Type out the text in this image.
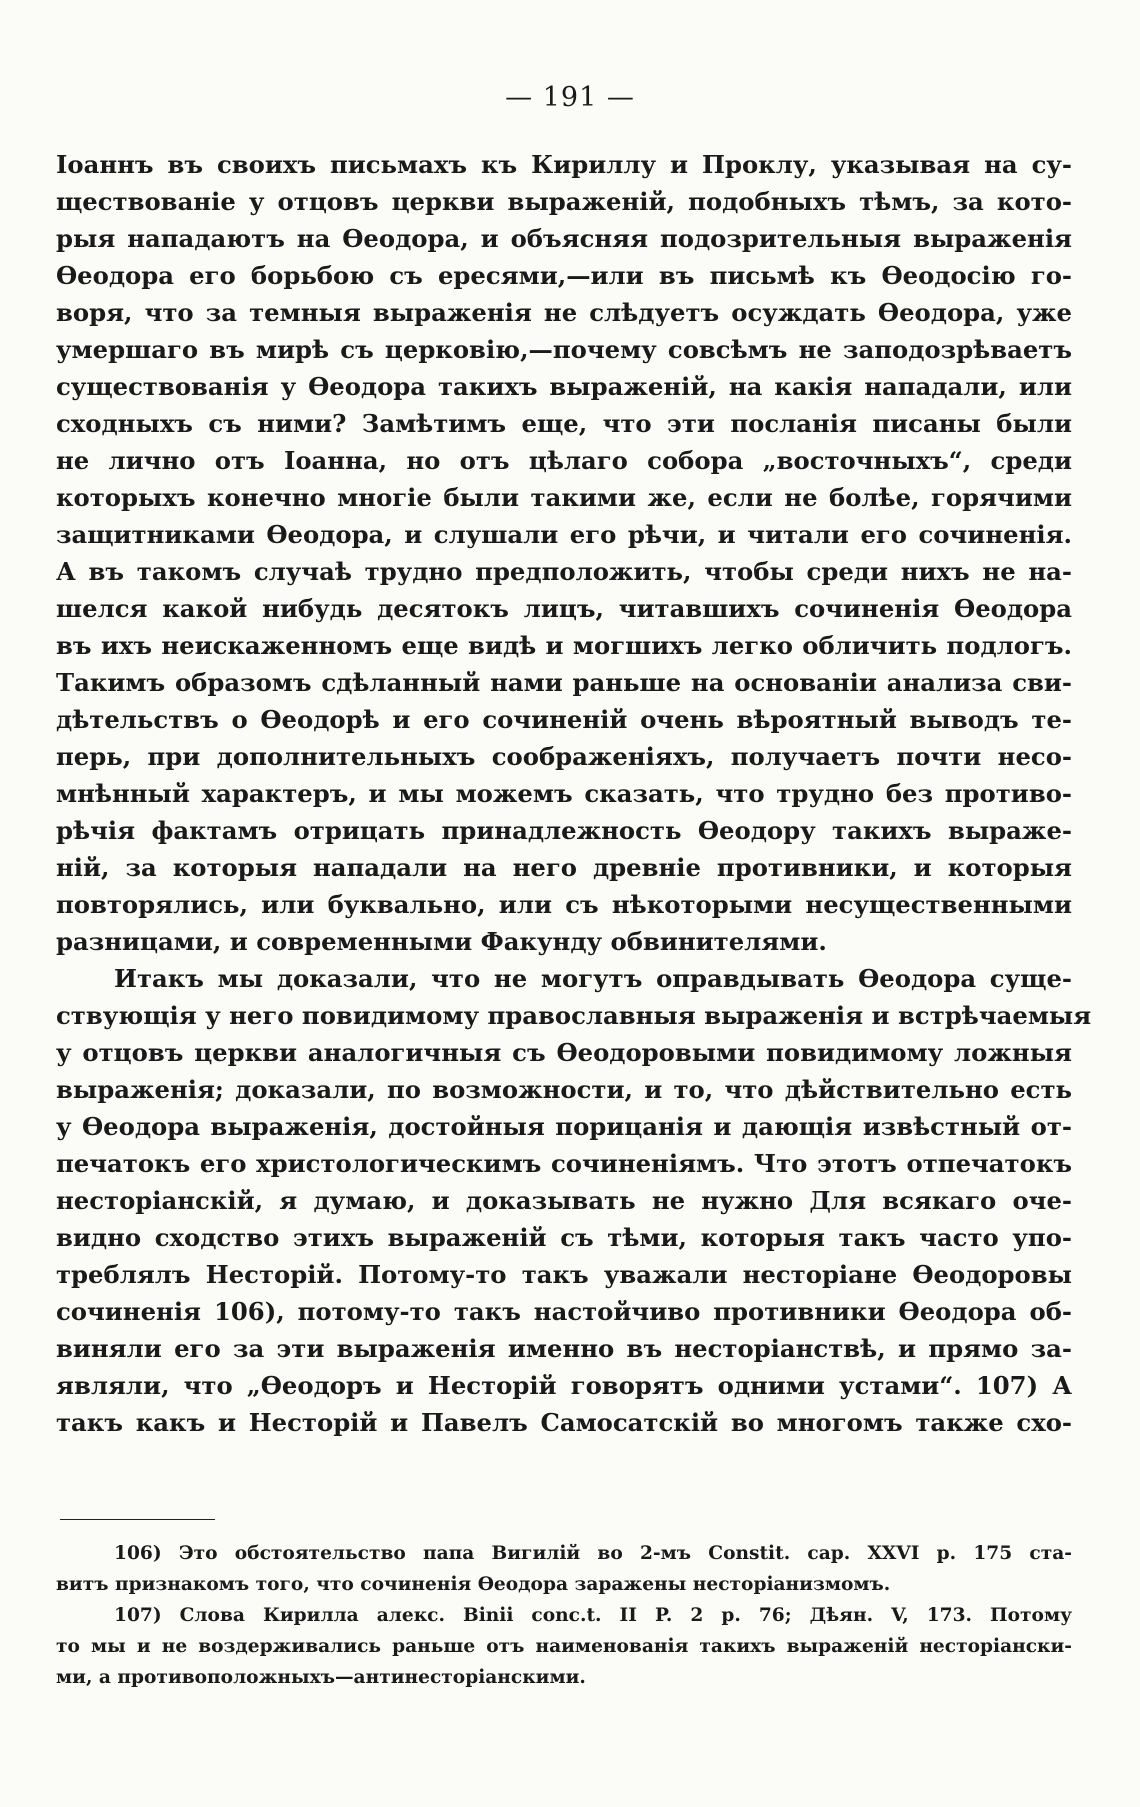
— 191 —
Іоаннъ въ своихъ письмахъ къ Кириллу и Проклу, указывая на су-
ществованіе у отцовъ церкви выраженій, подобныхъ тѣмъ, за кото-
рыя нападаютъ на Өеодора, и объясняя подозрительныя выраженія
Өеодора его борьбою съ ересями,—или въ письмѣ къ Өеодосію го-
воря, что за темныя выраженія не слѣдуетъ осуждать Өеодора, уже
умершаго въ мирѣ съ церковію,—почему совсѣмъ не заподозрѣваетъ
существованія у Өеодора такихъ выраженій, на какія нападали, или
сходныхъ съ ними? Замѣтимъ еще, что эти посланія писаны были
не лично отъ Іоанна, но отъ цѣлаго собора „восточныхъ“, среди
которыхъ конечно многіе были такими же, если не болѣе, горячими
защитниками Өеодора, и слушали его рѣчи, и читали его сочиненія.
А въ такомъ случаѣ трудно предположить, чтобы среди нихъ не на-
шелся какой нибудь десятокъ лицъ, читавшихъ сочиненія Өеодора
въ ихъ неискаженномъ еще видѣ и могшихъ легко обличить подлогъ.
Такимъ образомъ сдѣланный нами раньше на основаніи анализа сви-
дѣтельствъ о Өеодорѣ и его сочиненій очень вѣроятный выводъ те-
перь, при дополнительныхъ соображеніяхъ, получаетъ почти несо-
мнѣнный характеръ, и мы можемъ сказать, что трудно без противо-
рѣчія фактамъ отрицать принадлежность Өеодору такихъ выраже-
ній, за которыя нападали на него древніе противники, и которыя
повторялись, или буквально, или съ нѣкоторыми несущественными
разницами, и современными Факунду обвинителями.
Итакъ мы доказали, что не могутъ оправдывать Өеодора суще-
ствующія у него повидимому православныя выраженія и встрѣчаемыя
у отцовъ церкви аналогичныя съ Өеодоровыми повидимому ложныя
выраженія; доказали, по возможности, и то, что дѣйствительно есть
у Өеодора выраженія, достойныя порицанія и дающія извѣстный от-
печатокъ его христологическимъ сочиненіямъ. Что этотъ отпечатокъ
несторіанскій, я думаю, и доказывать не нужно Для всякаго оче-
видно сходство этихъ выраженій съ тѣми, которыя такъ часто упо-
треблялъ Несторій. Потому-то такъ уважали несторіане Өеодоровы
сочиненія 106), потому-то такъ настойчиво противники Өеодора об-
виняли его за эти выраженія именно въ несторіанствѣ, и прямо за-
являли, что „Өеодоръ и Несторій говорятъ одними устами“. 107) А
такъ какъ и Несторій и Павелъ Самосатскій во многомъ также схо-
106) Это обстоятельство папа Вигилій во 2-мъ Constit. cap. XXVI p. 175 ста-
витъ признакомъ того, что сочиненія Өеодора заражены несторіанизмомъ.
107) Слова Кирилла алекс. Binii conc.t. II P. 2 p. 76; Дѣян. V, 173. Потому
то мы и не воздерживались раньше отъ наименованія такихъ выраженій несторіански-
ми, а противоположныхъ—антинесторіанскими.
